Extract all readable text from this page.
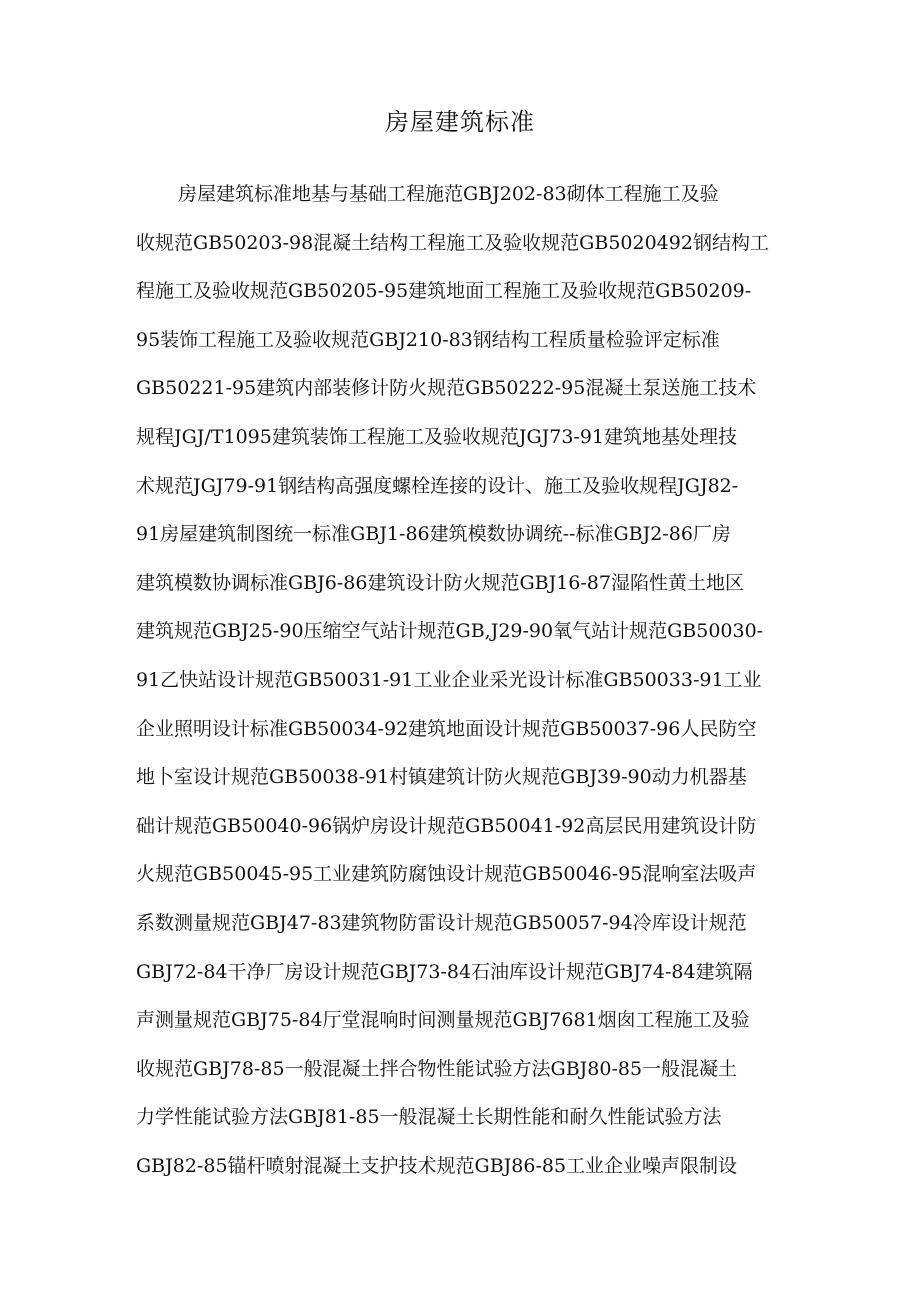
房屋建筑标准
房屋建筑标准地基与基础工程施范GBJ202-83砌体工程施工及验
收规范GB50203-98混凝土结构工程施工及验收规范GB5020492钢结构工
程施工及验收规范GB50205-95建筑地面工程施工及验收规范GB50209-
95装饰工程施工及验收规范GBJ210-83钢结构工程质量检验评定标准
GB50221-95建筑内部装修计防火规范GB50222-95混凝土泵送施工技术
规程JGJ/T1095建筑装饰工程施工及验收规范JGJ73-91建筑地基处理技
术规范JGJ79-91钢结构高强度螺栓连接的设计、施工及验收规程JGJ82-
91房屋建筑制图统一标准GBJ1-86建筑模数协调统--标准GBJ2-86厂房
建筑模数协调标准GBJ6-86建筑设计防火规范GBJ16-87湿陷性黄土地区
建筑规范GBJ25-90压缩空气站计规范GB,J29-90氧气站计规范GB50030-
91乙快站设计规范GB50031-91工业企业采光设计标准GB50033-91工业
企业照明设计标准GB50034-92建筑地面设计规范GB50037-96人民防空
地卜室设计规范GB50038-91村镇建筑计防火规范GBJ39-90动力机器基
础计规范GB50040-96锅炉房设计规范GB50041-92高层民用建筑设计防
火规范GB50045-95工业建筑防腐蚀设计规范GB50046-95混响室法吸声
系数测量规范GBJ47-83建筑物防雷设计规范GB50057-94冷库设计规范
GBJ72-84干净厂房设计规范GBJ73-84石油库设计规范GBJ74-84建筑隔
声测量规范GBJ75-84厅堂混响时间测量规范GBJ7681烟囱工程施工及验
收规范GBJ78-85一般混凝土拌合物性能试验方法GBJ80-85一般混凝土
力学性能试验方法GBJ81-85一般混凝土长期性能和耐久性能试验方法
GBJ82-85锚杆喷射混凝土支护技术规范GBJ86-85工业企业噪声限制设
